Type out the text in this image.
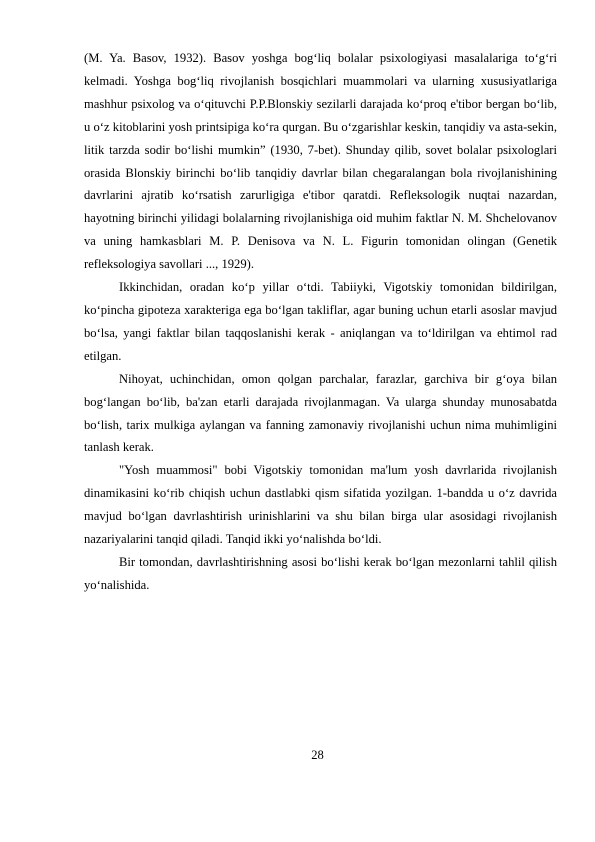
(M. Ya. Basov, 1932). Basov yoshga bog‘liq bolalar psixologiyasi masalalariga to‘g‘ri kelmadi. Yoshga bog‘liq rivojlanish bosqichlari muammolari va ularning xususiyatlariga mashhur psixolog va o‘qituvchi P.P.Blonskiy sezilarli darajada ko‘proq e'tibor bergan bo‘lib, u o‘z kitoblarini yosh printsipiga ko‘ra qurgan. Bu o‘zgarishlar keskin, tanqidiy va asta-sekin, litik tarzda sodir bo‘lishi mumkin” (1930, 7-bet). Shunday qilib, sovet bolalar psixologlari orasida Blonskiy birinchi bo‘lib tanqidiy davrlar bilan chegaralangan bola rivojlanishining davrlarini ajratib ko‘rsatish zarurligiga e'tibor qaratdi. Refleksologik nuqtai nazardan, hayotning birinchi yilidagi bolalarning rivojlanishiga oid muhim faktlar N. M. Shchelovanov va uning hamkasblari M. P. Denisova va N. L. Figurin tomonidan olingan (Genetik refleksologiya savollari ..., 1929).

Ikkinchidan, oradan ko‘p yillar o‘tdi. Tabiiyki, Vigotskiy tomonidan bildirilgan, ko‘pincha gipoteza xarakteriga ega bo‘lgan takliflar, agar buning uchun etarli asoslar mavjud bo‘lsa, yangi faktlar bilan taqqoslanishi kerak - aniqlangan va to‘ldirilgan va ehtimol rad etilgan.

Nihoyat, uchinchidan, omon qolgan parchalar, farazlar, garchiva bir gʻoya bilan bogʻlangan bo‘lib, ba'zan etarli darajada rivojlanmagan. Va ularga shunday munosabatda bo‘lish, tarix mulkiga aylangan va fanning zamonaviy rivojlanishi uchun nima muhimligini tanlash kerak.

"Yosh muammosi" bobi Vigotskiy tomonidan ma'lum yosh davrlarida rivojlanish dinamikasini ko‘rib chiqish uchun dastlabki qism sifatida yozilgan. 1-bandda u o‘z davrida mavjud bo‘lgan davrlashtirish urinishlarini va shu bilan birga ular asosidagi rivojlanish nazariyalarini tanqid qiladi. Tanqid ikki yo‘nalishda bo‘ldi.

Bir tomondan, davrlashtirishning asosi bo‘lishi kerak bo‘lgan mezonlarni tahlil qilish yo‘nalishida.

28
